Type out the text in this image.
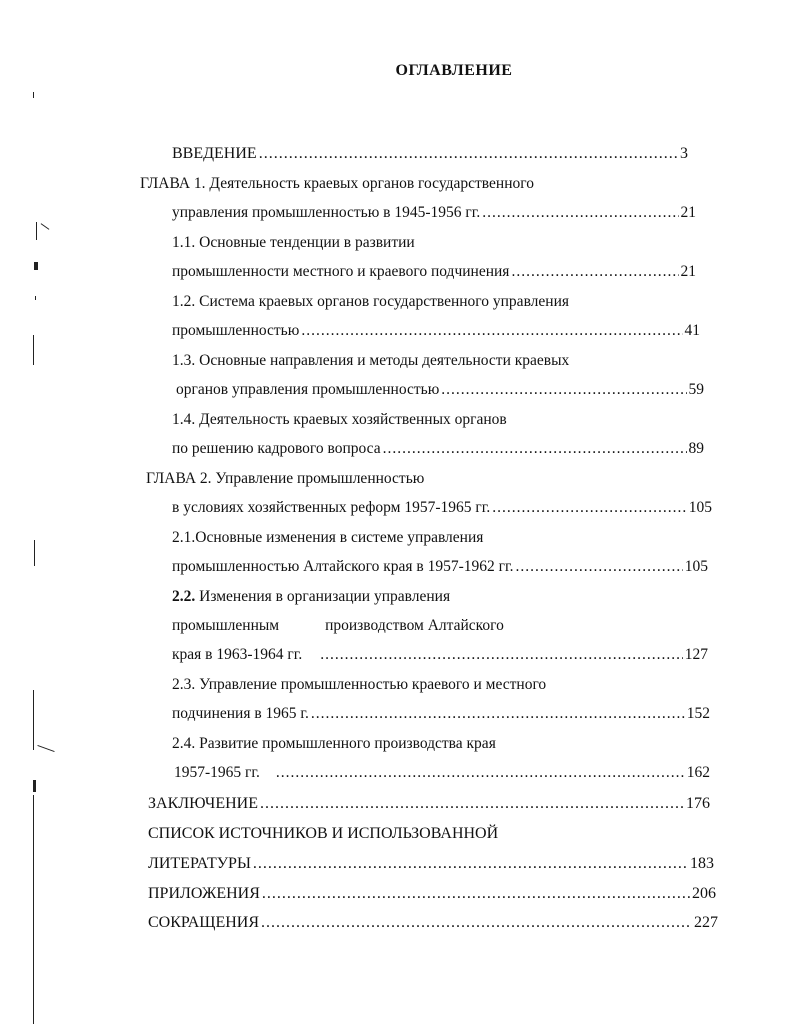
ОГЛАВЛЕНИЕ
ВВЕДЕНИЕ .....	3
ГЛАВА 1. Деятельность краевых органов государственного
управления промышленностью в 1945-1956 гг. .....	21
1.1. Основные тенденции в развитии
промышленности местного и краевого подчинения .....	21
1.2. Система краевых органов государственного управления
промышленностью .....	41
1.3. Основные направления и методы деятельности краевых
органов управления промышленностью .....	59
1.4. Деятельность краевых хозяйственных органов
по решению кадрового вопроса .....	89
ГЛАВА 2. Управление промышленностью
в условиях хозяйственных реформ 1957-1965 гг. .....	105
2.1.Основные изменения в системе управления
промышленностью Алтайского края в 1957-1962 гг. .....	105
2.2. Изменения в организации управления
промышленным	производством Алтайского
края в 1963-1964 гг. .....	127
2.3. Управление промышленностью краевого и местного
подчинения в 1965 г. .....	152
2.4. Развитие промышленного производства края
1957-1965 гг. .....	162
ЗАКЛЮЧЕНИЕ .....	176
СПИСОК ИСТОЧНИКОВ И ИСПОЛЬЗОВАННОЙ
ЛИТЕРАТУРЫ .....	183
ПРИЛОЖЕНИЯ .....	206
СОКРАЩЕНИЯ .....	227
